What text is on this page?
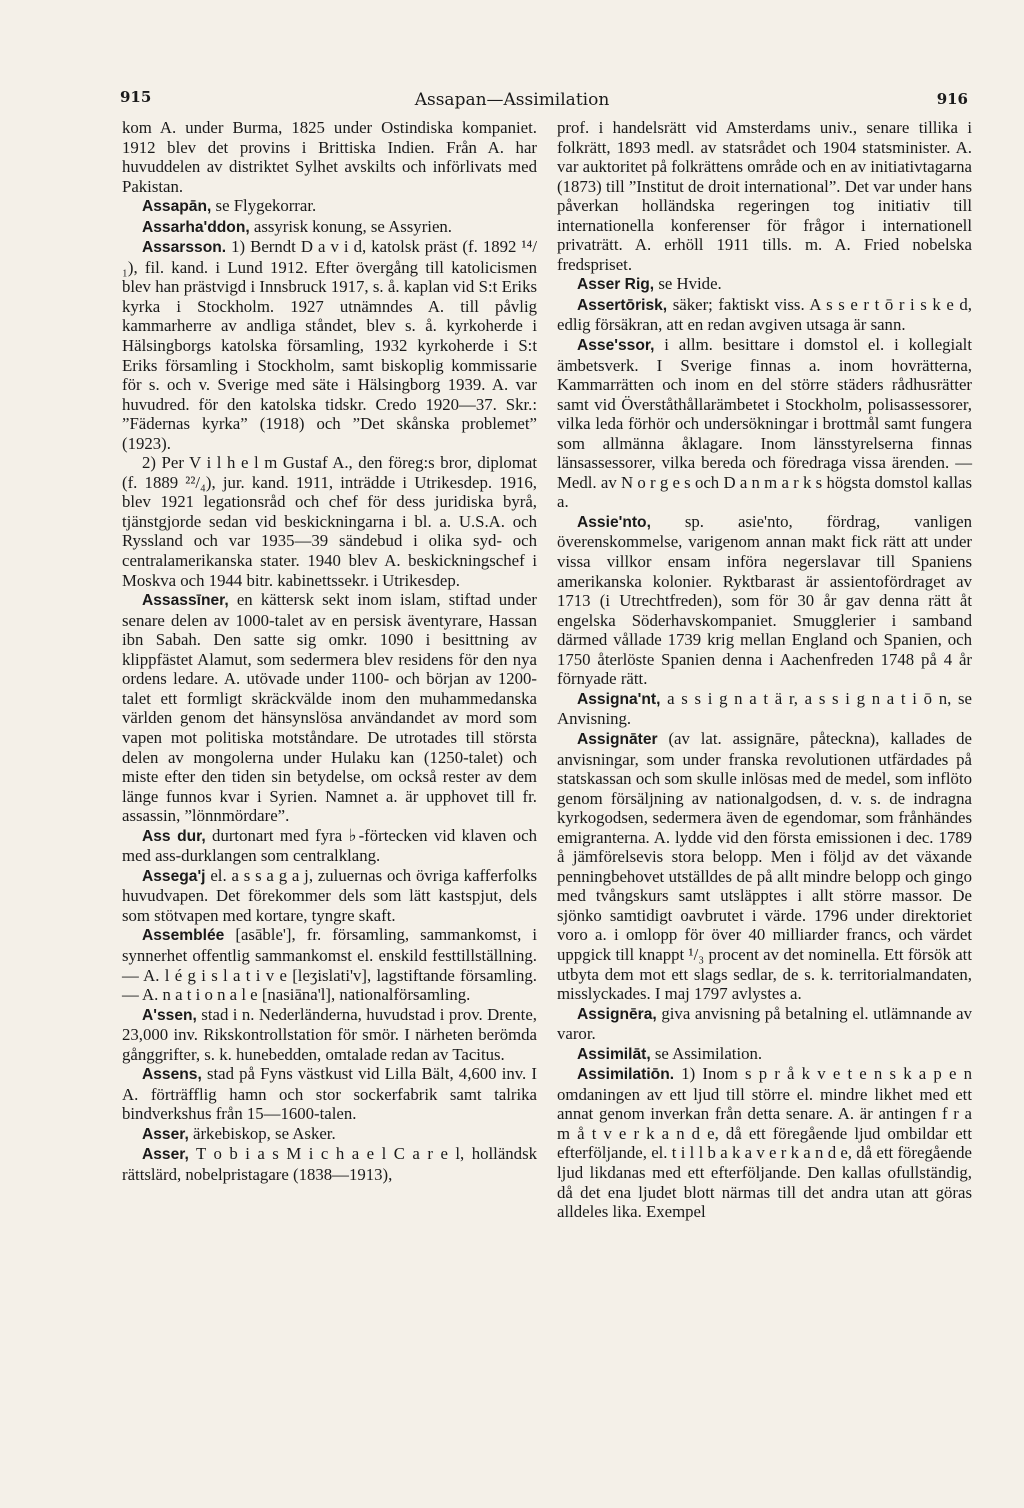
915	Assapan—Assimilation	916

kom A. under Burma, 1825 under Ostindiska kompaniet. 1912 blev det provins i Brittiska Indien. Från A. har huvuddelen av distriktet Sylhet avskilts och införlivats med Pakistan.

Assapān, se Flygekorrar.

Assarha'ddon, assyrisk konung, se Assyrien.

Assarsson. 1) Berndt D a v i d, katolsk präst (f. 1892 ¹⁴/₁), fil. kand. i Lund 1912. Efter övergång till katolicismen blev han prästvigd i Innsbruck 1917, s. å. kaplan vid S:t Eriks kyrka i Stockholm. 1927 utnämndes A. till påvlig kammarherre av andliga ståndet, blev s. å. kyrkoherde i Hälsingborgs katolska församling, 1932 kyrkoherde i S:t Eriks församling i Stockholm, samt biskoplig kommissarie för s. och v. Sverige med säte i Hälsingborg 1939. A. var huvudred. för den katolska tidskr. Credo 1920—37. Skr.: ”Fädernas kyrka” (1918) och ”Det skånska problemet” (1923).

2) Per V i l h e l m Gustaf A., den föreg:s bror, diplomat (f. 1889 ²²/₄), jur. kand. 1911, inträdde i Utrikesdep. 1916, blev 1921 legationsråd och chef för dess juridiska byrå, tjänstgjorde sedan vid beskickningarna i bl. a. U.S.A. och Ryssland och var 1935—39 sändebud i olika syd- och centralamerikanska stater. 1940 blev A. beskickningschef i Moskva och 1944 bitr. kabinettssekr. i Utrikesdep.

Assassīner, en kättersk sekt inom islam, stiftad under senare delen av 1000-talet av en persisk äventyrare, Hassan ibn Sabah. Den satte sig omkr. 1090 i besittning av klippfästet Alamut, som sedermera blev residens för den nya ordens ledare. A. utövade under 1100- och början av 1200-talet ett formligt skräckvälde inom den muhammedanska världen genom det hänsynslösa användandet av mord som vapen mot politiska motståndare. De utrotades till största delen av mongolerna under Hulaku kan (1250-talet) och miste efter den tiden sin betydelse, om också rester av dem länge funnos kvar i Syrien. Namnet a. är upphovet till fr. assassin, ”lönnmördare”.

Ass dur, durtonart med fyra ♭-förtecken vid klaven och med ass-durklangen som centralklang.

Assega'j el. a s s a g a j, zuluernas och övriga kafferfolks huvudvapen. Det förekommer dels som lätt kastspjut, dels som stötvapen med kortare, tyngre skaft.

Assemblée [asāble'], fr. församling, sammankomst, i synnerhet offentlig sammankomst el. enskild festtillställning. — A. l é g i s l a t i v e [leʒislati'v], lagstiftande församling. — A. n a t i o n a l e [nasiāna'l], nationalförsamling.

A'ssen, stad i n. Nederländerna, huvudstad i prov. Drente, 23,000 inv. Rikskontrollstation för smör. I närheten berömda gånggrifter, s. k. hunebedden, omtalade redan av Tacitus.

Assens, stad på Fyns västkust vid Lilla Bält, 4,600 inv. I A. förträfflig hamn och stor sockerfabrik samt talrika bindverkshus från 15—1600-talen.

Asser, ärkebiskop, se Asker.

Asser, T o b i a s M i c h a e l C a r e l, holländsk rättslärd, nobelpristagare (1838—1913),

prof. i handelsrätt vid Amsterdams univ., senare tillika i folkrätt, 1893 medl. av statsrådet och 1904 statsminister. A. var auktoritet på folkrättens område och en av initiativtagarna (1873) till ”Institut de droit international”. Det var under hans påverkan holländska regeringen tog initiativ till internationella konferenser för frågor i internationell privaträtt. A. erhöll 1911 tills. m. A. Fried nobelska fredspriset.

Asser Rig, se Hvide.

Assertōrisk, säker; faktiskt viss. A s s e r t ō r i s k e d, edlig försäkran, att en redan avgiven utsaga är sann.

Asse'ssor, i allm. besittare i domstol el. i kollegialt ämbetsverk. I Sverige finnas a. inom hovrätterna, Kammarrätten och inom en del större städers rådhusrätter samt vid Överståthållarämbetet i Stockholm, polisassessorer, vilka leda förhör och undersökningar i brottmål samt fungera som allmänna åklagare. Inom länsstyrelserna finnas länsassessorer, vilka bereda och föredraga vissa ärenden. — Medl. av N o r g e s och D a n m a r k s högsta domstol kallas a.

Assie'nto, sp. asie'nto, fördrag, vanligen överenskommelse, varigenom annan makt fick rätt att under vissa villkor ensam införa negerslavar till Spaniens amerikanska kolonier. Ryktbarast är assientofördraget av 1713 (i Utrechtfreden), som för 30 år gav denna rätt åt engelska Söderhavskompaniet. Smugglerier i samband därmed vållade 1739 krig mellan England och Spanien, och 1750 återlöste Spanien denna i Aachenfreden 1748 på 4 år förnyade rätt.

Assigna'nt, a s s i g n a t ä r, a s s i g n a t i ō n, se Anvisning.

Assignāter (av lat. assignāre, påteckna), kallades de anvisningar, som under franska revolutionen utfärdades på statskassan och som skulle inlösas med de medel, som inflöto genom försäljning av nationalgodsen, d. v. s. de indragna kyrkogodsen, sedermera även de egendomar, som frånhändes emigranterna. A. lydde vid den första emissionen i dec. 1789 å jämförelsevis stora belopp. Men i följd av det växande penningbehovet utställdes de på allt mindre belopp och gingo med tvångskurs samt utsläpptes i allt större massor. De sjönko samtidigt oavbrutet i värde. 1796 under direktoriet voro a. i omlopp för över 40 milliarder francs, och värdet uppgick till knappt ¹/₃ procent av det nominella. Ett försök att utbyta dem mot ett slags sedlar, de s. k. territorialmandaten, misslyckades. I maj 1797 avlystes a.

Assignēra, giva anvisning på betalning el. utlämnande av varor.

Assimilāt, se Assimilation.

Assimilatiōn. 1) Inom s p r å k v e t e n s k a p e n omdaningen av ett ljud till större el. mindre likhet med ett annat genom inverkan från detta senare. A. är antingen f r a m å t v e r k a n d e, då ett föregående ljud ombildar ett efterföljande, el. t i l l b a k a v e r k a n d e, då ett föregående ljud likdanas med ett efterföljande. Den kallas ofullständig, då det ena ljudet blott närmas till det andra utan att göras alldeles lika. Exempel
